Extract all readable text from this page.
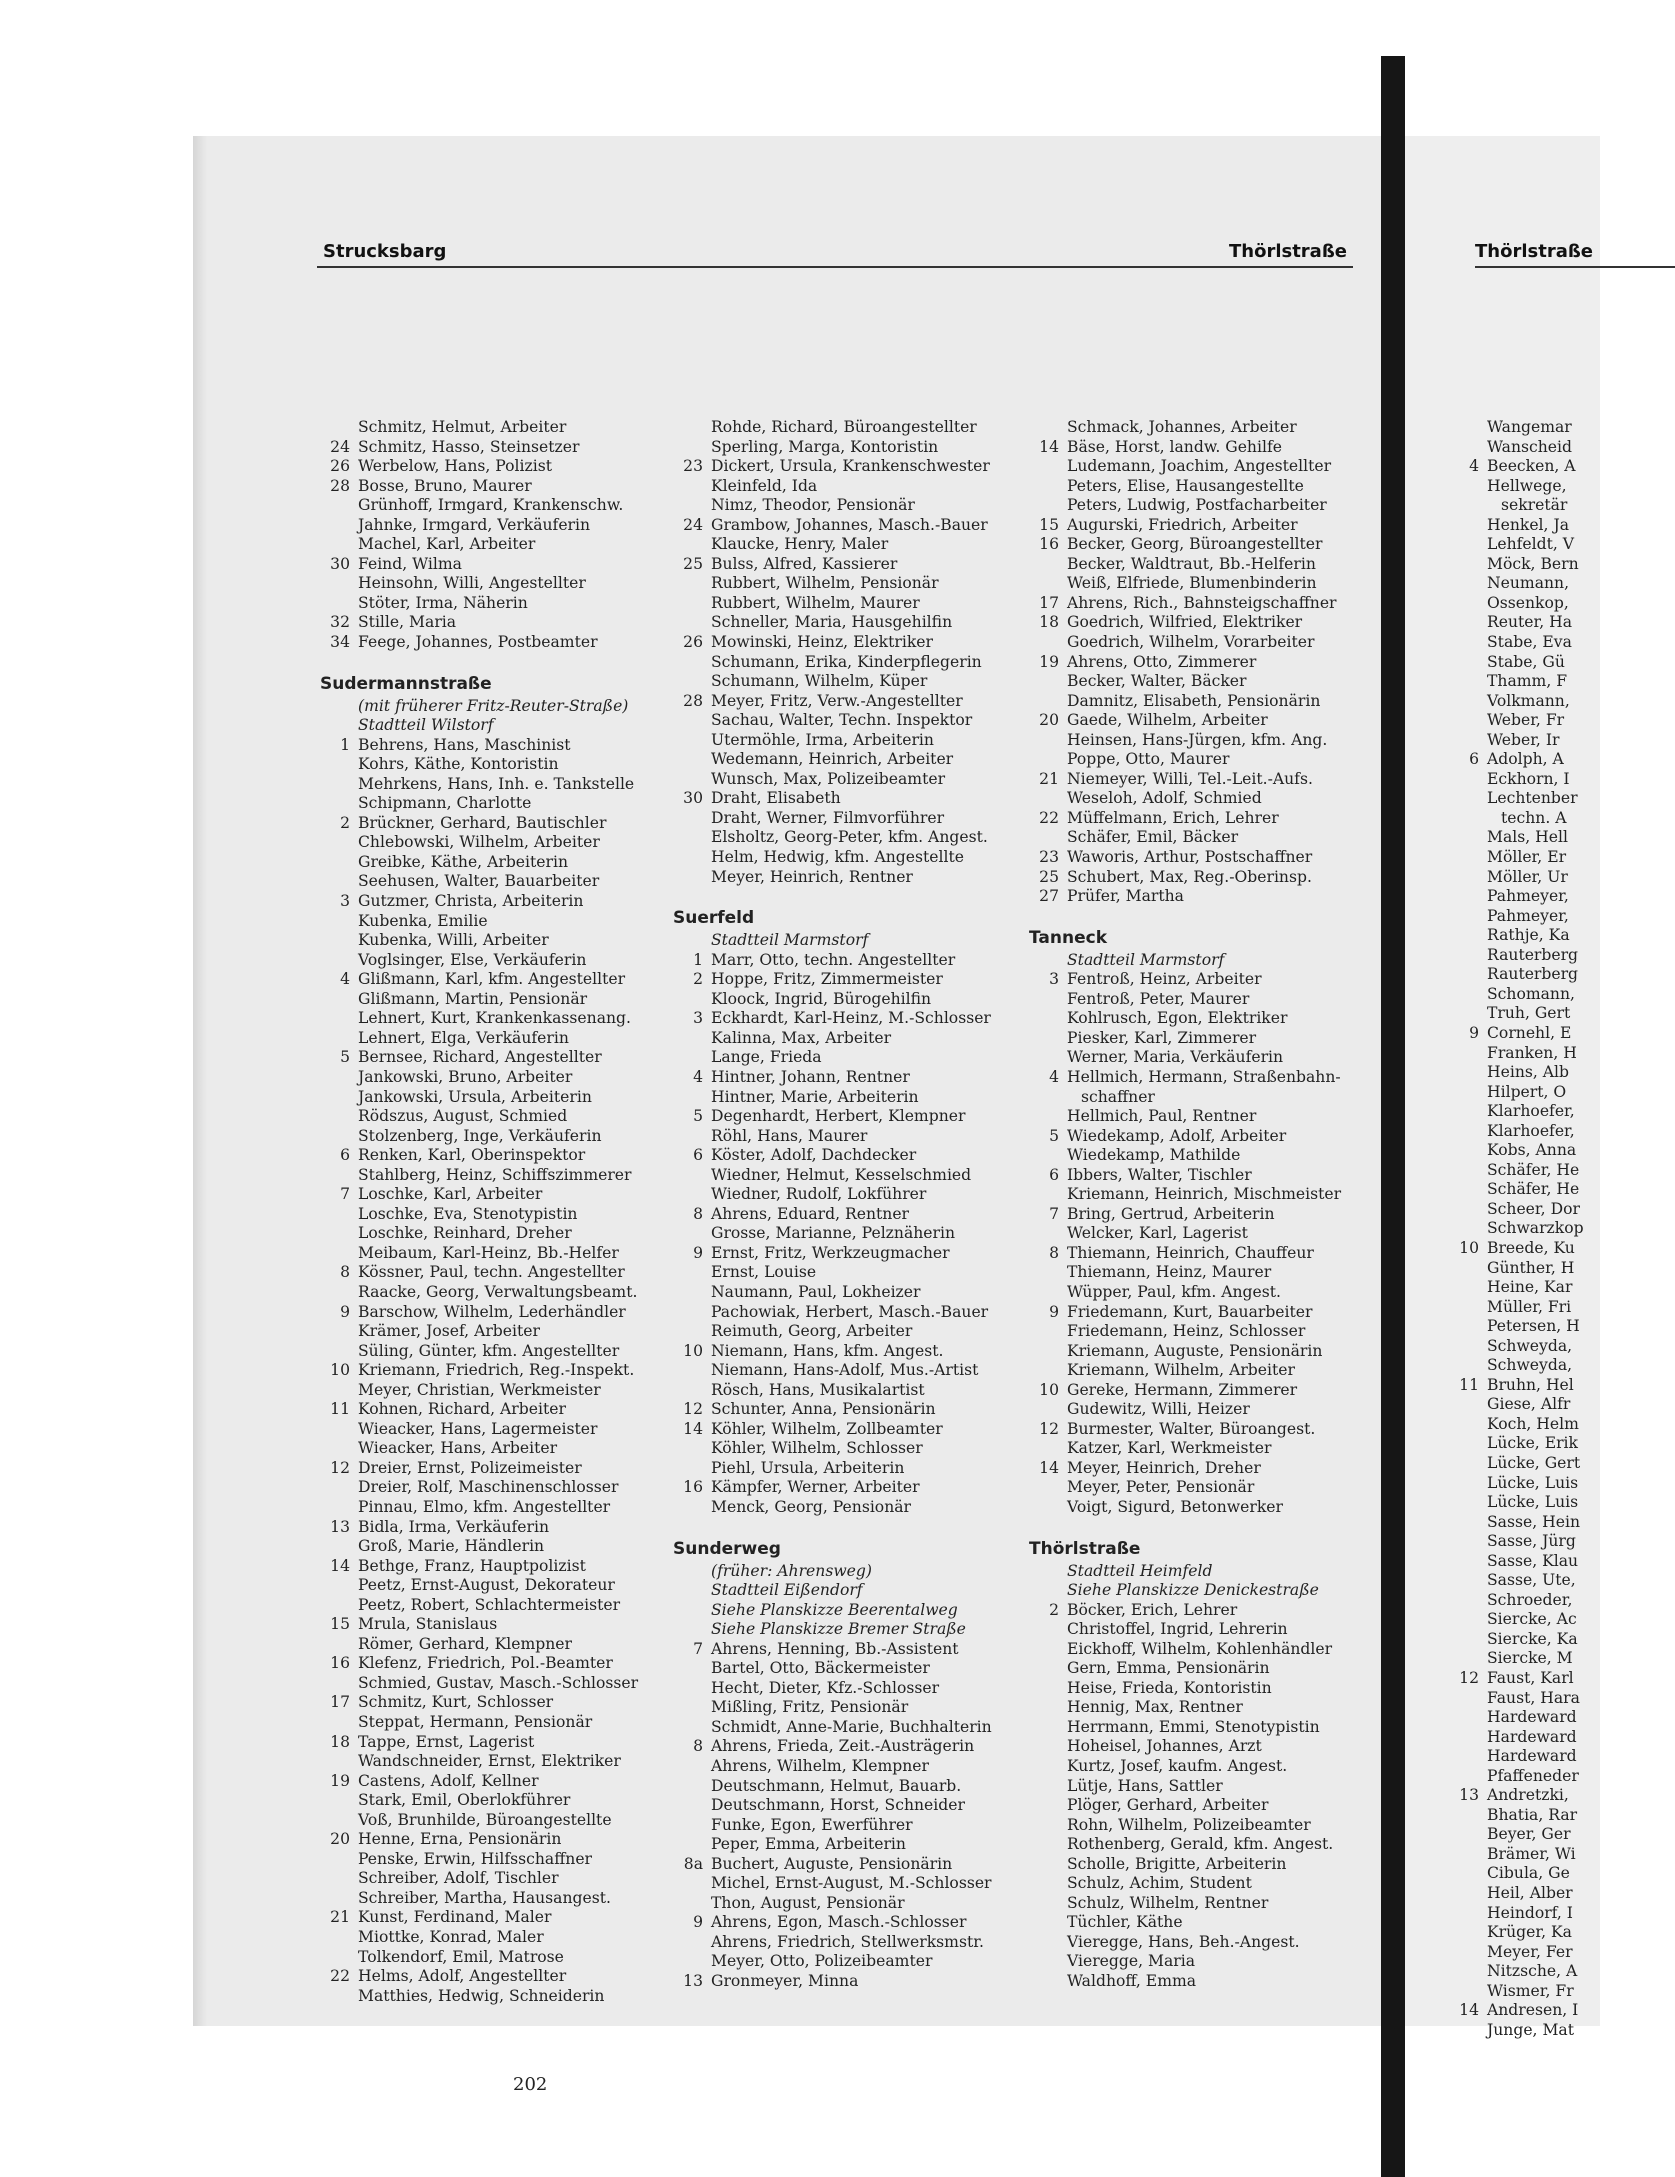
Strucksbarg	Thörlstraße
Schmitz, Helmut, Arbeiter
24 Schmitz, Hasso, Steinsetzer
26 Werbelow, Hans, Polizist
28 Bosse, Bruno, Maurer
Grünhoff, Irmgard, Krankenschw.
Jahnke, Irmgard, Verkäuferin
Machel, Karl, Arbeiter
30 Feind, Wilma
Heinsohn, Willi, Angestellter
Stöter, Irma, Näherin
32 Stille, Maria
34 Feege, Johannes, Postbeamter
Sudermannstraße
(mit früherer Fritz-Reuter-Straße)
Stadtteil Wilstorf
1 Behrens, Hans, Maschinist
Kohrs, Käthe, Kontoristin
Mehrkens, Hans, Inh. e. Tankstelle
Schipmann, Charlotte
2 Brückner, Gerhard, Bautischler
Chlebowski, Wilhelm, Arbeiter
Greibke, Käthe, Arbeiterin
Seehusen, Walter, Bauarbeiter
3 Gutzmer, Christa, Arbeiterin
Kubenka, Emilie
Kubenka, Willi, Arbeiter
Voglsinger, Else, Verkäuferin
4 Glißmann, Karl, kfm. Angestellter
Glißmann, Martin, Pensionär
Lehnert, Kurt, Krankenkassenang.
Lehnert, Elga, Verkäuferin
5 Bernsee, Richard, Angestellter
Jankowski, Bruno, Arbeiter
Jankowski, Ursula, Arbeiterin
Rödszus, August, Schmied
Stolzenberg, Inge, Verkäuferin
6 Renken, Karl, Oberinspektor
Stahlberg, Heinz, Schiffszimmerer
7 Loschke, Karl, Arbeiter
Loschke, Eva, Stenotypistin
Loschke, Reinhard, Dreher
Meibaum, Karl-Heinz, Bb.-Helfer
8 Kössner, Paul, techn. Angestellter
Raacke, Georg, Verwaltungsbeamt.
9 Barschow, Wilhelm, Lederhändler
Krämer, Josef, Arbeiter
Süling, Günter, kfm. Angestellter
10 Kriemann, Friedrich, Reg.-Inspekt.
Meyer, Christian, Werkmeister
11 Kohnen, Richard, Arbeiter
Wieacker, Hans, Lagermeister
Wieacker, Hans, Arbeiter
12 Dreier, Ernst, Polizeimeister
Dreier, Rolf, Maschinenschlosser
Pinnau, Elmo, kfm. Angestellter
13 Bidla, Irma, Verkäuferin
Groß, Marie, Händlerin
14 Bethge, Franz, Hauptpolizist
Peetz, Ernst-August, Dekorateur
Peetz, Robert, Schlachtermeister
15 Mrula, Stanislaus
Römer, Gerhard, Klempner
16 Klefenz, Friedrich, Pol.-Beamter
Schmied, Gustav, Masch.-Schlosser
17 Schmitz, Kurt, Schlosser
Steppat, Hermann, Pensionär
18 Tappe, Ernst, Lagerist
Wandschneider, Ernst, Elektriker
19 Castens, Adolf, Kellner
Stark, Emil, Oberlokführer
Voß, Brunhilde, Büroangestellte
20 Henne, Erna, Pensionärin
Penske, Erwin, Hilfsschaffner
Schreiber, Adolf, Tischler
Schreiber, Martha, Hausangest.
21 Kunst, Ferdinand, Maler
Miottke, Konrad, Maler
Tolkendorf, Emil, Matrose
22 Helms, Adolf, Angestellter
Matthies, Hedwig, Schneiderin
Rohde, Richard, Büroangestellter
Sperling, Marga, Kontoristin
23 Dickert, Ursula, Krankenschwester
Kleinfeld, Ida
Nimz, Theodor, Pensionär
24 Grambow, Johannes, Masch.-Bauer
Klaucke, Henry, Maler
25 Bulss, Alfred, Kassierer
Rubbert, Wilhelm, Pensionär
Rubbert, Wilhelm, Maurer
Schneller, Maria, Hausgehilfin
26 Mowinski, Heinz, Elektriker
Schumann, Erika, Kinderpflegerin
Schumann, Wilhelm, Küper
28 Meyer, Fritz, Verw.-Angestellter
Sachau, Walter, Techn. Inspektor
Utermöhle, Irma, Arbeiterin
Wedemann, Heinrich, Arbeiter
Wunsch, Max, Polizeibeamter
30 Draht, Elisabeth
Draht, Werner, Filmvorführer
Elsholtz, Georg-Peter, kfm. Angest.
Helm, Hedwig, kfm. Angestellte
Meyer, Heinrich, Rentner
Suerfeld
Stadtteil Marmstorf
1 Marr, Otto, techn. Angestellter
2 Hoppe, Fritz, Zimmermeister
Kloock, Ingrid, Bürogehilfin
3 Eckhardt, Karl-Heinz, M.-Schlosser
Kalinna, Max, Arbeiter
Lange, Frieda
4 Hintner, Johann, Rentner
Hintner, Marie, Arbeiterin
5 Degenhardt, Herbert, Klempner
Röhl, Hans, Maurer
6 Köster, Adolf, Dachdecker
Wiedner, Helmut, Kesselschmied
Wiedner, Rudolf, Lokführer
8 Ahrens, Eduard, Rentner
Grosse, Marianne, Pelznäherin
9 Ernst, Fritz, Werkzeugmacher
Ernst, Louise
Naumann, Paul, Lokheizer
Pachowiak, Herbert, Masch.-Bauer
Reimuth, Georg, Arbeiter
10 Niemann, Hans, kfm. Angest.
Niemann, Hans-Adolf, Mus.-Artist
Rösch, Hans, Musikalartist
12 Schunter, Anna, Pensionärin
14 Köhler, Wilhelm, Zollbeamter
Köhler, Wilhelm, Schlosser
Piehl, Ursula, Arbeiterin
16 Kämpfer, Werner, Arbeiter
Menck, Georg, Pensionär
Sunderweg
(früher: Ahrensweg)
Stadtteil Eißendorf
Siehe Planskizze Beerentalweg
Siehe Planskizze Bremer Straße
7 Ahrens, Henning, Bb.-Assistent
Bartel, Otto, Bäckermeister
Hecht, Dieter, Kfz.-Schlosser
Mißling, Fritz, Pensionär
Schmidt, Anne-Marie, Buchhalterin
8 Ahrens, Frieda, Zeit.-Austrägerin
Ahrens, Wilhelm, Klempner
Deutschmann, Helmut, Bauarb.
Deutschmann, Horst, Schneider
Funke, Egon, Ewerführer
Peper, Emma, Arbeiterin
8a Buchert, Auguste, Pensionärin
Michel, Ernst-August, M.-Schlosser
Thon, August, Pensionär
9 Ahrens, Egon, Masch.-Schlosser
Ahrens, Friedrich, Stellwerksmstr.
Meyer, Otto, Polizeibeamter
13 Gronmeyer, Minna
Schmack, Johannes, Arbeiter
14 Bäse, Horst, landw. Gehilfe
Ludemann, Joachim, Angestellter
Peters, Elise, Hausangestellte
Peters, Ludwig, Postfacharbeiter
15 Augurski, Friedrich, Arbeiter
16 Becker, Georg, Büroangestellter
Becker, Waldtraut, Bb.-Helferin
Weiß, Elfriede, Blumenbinderin
17 Ahrens, Rich., Bahnsteigschaffner
18 Goedrich, Wilfried, Elektriker
Goedrich, Wilhelm, Vorarbeiter
19 Ahrens, Otto, Zimmerer
Becker, Walter, Bäcker
Damnitz, Elisabeth, Pensionärin
20 Gaede, Wilhelm, Arbeiter
Heinsen, Hans-Jürgen, kfm. Ang.
Poppe, Otto, Maurer
21 Niemeyer, Willi, Tel.-Leit.-Aufs.
Weseloh, Adolf, Schmied
22 Müffelmann, Erich, Lehrer
Schäfer, Emil, Bäcker
23 Waworis, Arthur, Postschaffner
25 Schubert, Max, Reg.-Oberinsp.
27 Prüfer, Martha
Tanneck
Stadtteil Marmstorf
3 Fentroß, Heinz, Arbeiter
Fentroß, Peter, Maurer
Kohlrusch, Egon, Elektriker
Piesker, Karl, Zimmerer
Werner, Maria, Verkäuferin
4 Hellmich, Hermann, Straßenbahn-
schaffner
Hellmich, Paul, Rentner
5 Wiedekamp, Adolf, Arbeiter
Wiedekamp, Mathilde
6 Ibbers, Walter, Tischler
Kriemann, Heinrich, Mischmeister
7 Bring, Gertrud, Arbeiterin
Welcker, Karl, Lagerist
8 Thiemann, Heinrich, Chauffeur
Thiemann, Heinz, Maurer
Wüpper, Paul, kfm. Angest.
9 Friedemann, Kurt, Bauarbeiter
Friedemann, Heinz, Schlosser
Kriemann, Auguste, Pensionärin
Kriemann, Wilhelm, Arbeiter
10 Gereke, Hermann, Zimmerer
Gudewitz, Willi, Heizer
12 Burmester, Walter, Büroangest.
Katzer, Karl, Werkmeister
14 Meyer, Heinrich, Dreher
Meyer, Peter, Pensionär
Voigt, Sigurd, Betonwerker
Thörlstraße
Stadtteil Heimfeld
Siehe Planskizze Denickestraße
2 Böcker, Erich, Lehrer
Christoffel, Ingrid, Lehrerin
Eickhoff, Wilhelm, Kohlenhändler
Gern, Emma, Pensionärin
Heise, Frieda, Kontoristin
Hennig, Max, Rentner
Herrmann, Emmi, Stenotypistin
Hoheisel, Johannes, Arzt
Kurtz, Josef, kaufm. Angest.
Lütje, Hans, Sattler
Plöger, Gerhard, Arbeiter
Rohn, Wilhelm, Polizeibeamter
Rothenberg, Gerald, kfm. Angest.
Scholle, Brigitte, Arbeiterin
Schulz, Achim, Student
Schulz, Wilhelm, Rentner
Tüchler, Käthe
Vieregge, Hans, Beh.-Angest.
Vieregge, Maria
Waldhoff, Emma
202
Thörlstraße
Wangemar
Wanscheid
4 Beecken, A
Hellwege,
sekretär
Henkel, Ja
Lehfeldt, V
Möck, Bern
Neumann,
Ossenkop,
Reuter, Ha
Stabe, Eva
Stabe, Gü
Thamm, F
Volkmann,
Weber, Fr
Weber, Ir
6 Adolph, A
Eckhorn, I
Lechtenber
techn. A
Mals, Hell
Möller, Er
Möller, Ur
Pahmeyer,
Pahmeyer,
Rathje, Ka
Rauterberg
Rauterberg
Schomann,
Truh, Gert
9 Cornehl, E
Franken, H
Heins, Alb
Hilpert, O
Klarhoefer,
Klarhoefer,
Kobs, Anna
Schäfer, He
Schäfer, He
Scheer, Dor
Schwarzkop
10 Breede, Ku
Günther, H
Heine, Kar
Müller, Fri
Petersen, H
Schweyda,
Schweyda,
11 Bruhn, Hel
Giese, Alfr
Koch, Helm
Lücke, Erik
Lücke, Gert
Lücke, Luis
Lücke, Luis
Sasse, Hein
Sasse, Jürg
Sasse, Klau
Sasse, Ute,
Schroeder,
Siercke, Ac
Siercke, Ka
Siercke, M
12 Faust, Karl
Faust, Hara
Hardeward
Hardeward
Hardeward
Pfaffeneder
13 Andretzki,
Bhatia, Rar
Beyer, Ger
Brämer, Wi
Cibula, Ge
Heil, Alber
Heindorf, I
Krüger, Ka
Meyer, Fer
Nitzsche, A
Wismer, Fr
14 Andresen, I
Junge, Mat
